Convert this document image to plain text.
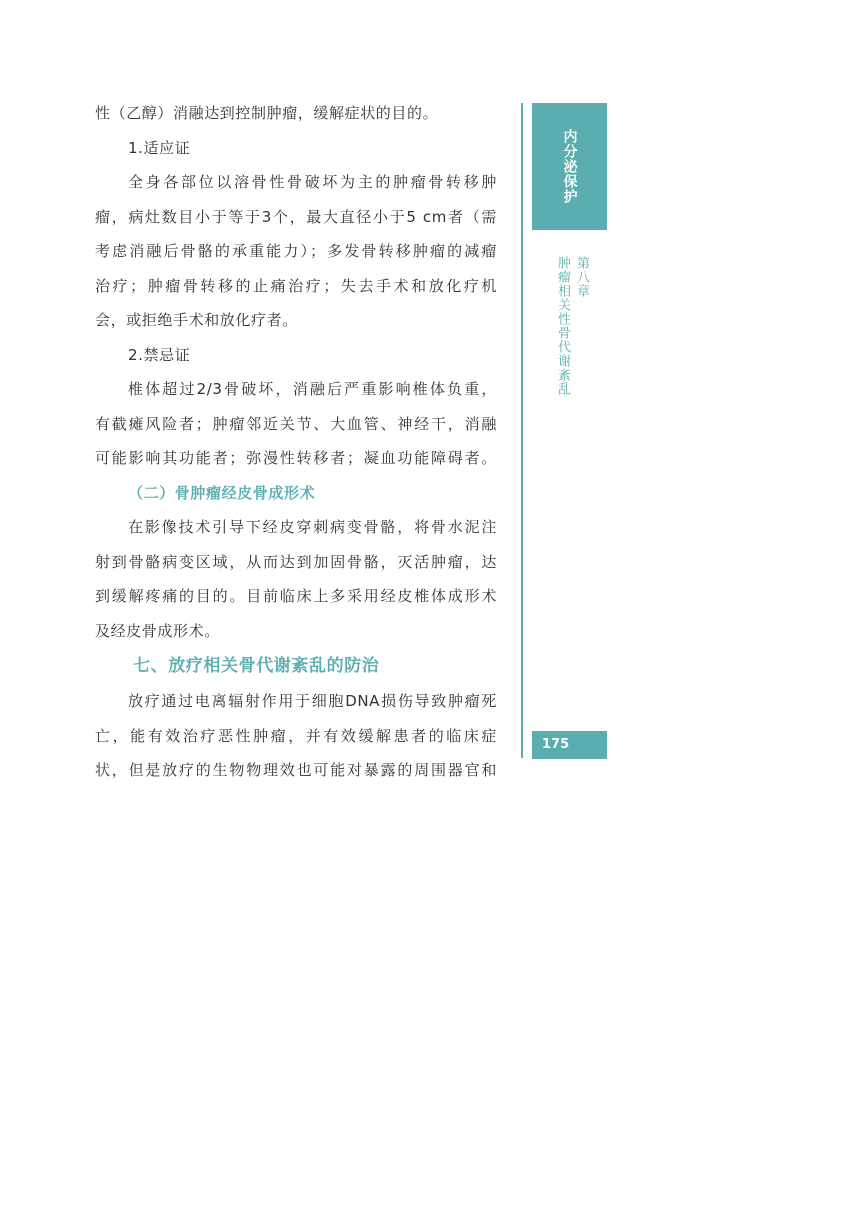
性（乙醇）消融达到控制肿瘤，缓解症状的目的。
1.适应证
全身各部位以溶骨性骨破坏为主的肿瘤骨转移肿
瘤，病灶数目小于等于3个，最大直径小于5 cm者（需
考虑消融后骨骼的承重能力）；多发骨转移肿瘤的减瘤
治疗；肿瘤骨转移的止痛治疗；失去手术和放化疗机
会，或拒绝手术和放化疗者。
2.禁忌证
椎体超过2/3骨破坏，消融后严重影响椎体负重，
有截瘫风险者；肿瘤邻近关节、大血管、神经干，消融
可能影响其功能者；弥漫性转移者；凝血功能障碍者。
（二）骨肿瘤经皮骨成形术
在影像技术引导下经皮穿刺病变骨骼，将骨水泥注
射到骨骼病变区域，从而达到加固骨骼，灭活肿瘤，达
到缓解疼痛的目的。目前临床上多采用经皮椎体成形术
及经皮骨成形术。
七、放疗相关骨代谢紊乱的防治
放疗通过电离辐射作用于细胞DNA损伤导致肿瘤死
亡，能有效治疗恶性肿瘤，并有效缓解患者的临床症
状，但是放疗的生物物理效也可能对暴露的周围器官和
内分泌保护
第八章
肿瘤相关性骨代谢紊乱
175
